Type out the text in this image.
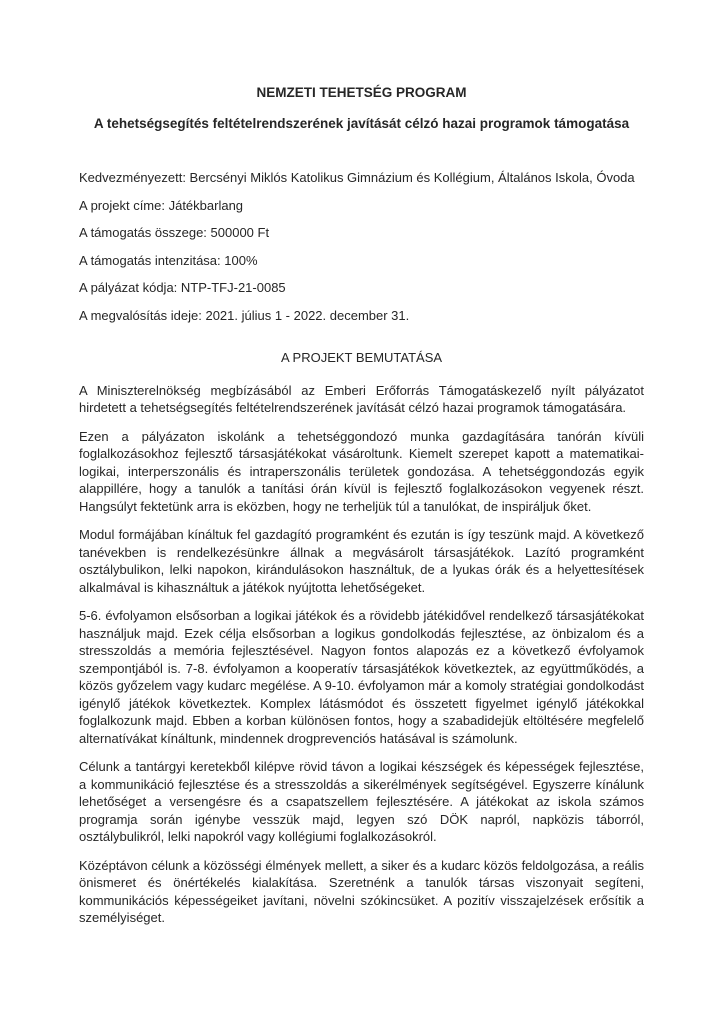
NEMZETI TEHETSÉG PROGRAM
A tehetségsegítés feltételrendszerének javítását célzó hazai programok támogatása

Kedvezményezett: Bercsényi Miklós Katolikus Gimnázium és Kollégium, Általános Iskola, Óvoda

A projekt címe: Játékbarlang

A támogatás összege: 500000 Ft

A támogatás intenzitása: 100%

A pályázat kódja: NTP-TFJ-21-0085

A megvalósítás ideje: 2021. július 1 - 2022. december 31.

A PROJEKT BEMUTATÁSA

A Miniszterelnökség megbízásából az Emberi Erőforrás Támogatáskezelő nyílt pályázatot hirdetett a tehetségsegítés feltételrendszerének javítását célzó hazai programok támogatására.

Ezen a pályázaton iskolánk a tehetséggondozó munka gazdagítására tanórán kívüli foglalkozásokhoz fejlesztő társasjátékokat vásároltunk. Kiemelt szerepet kapott a matematikai-logikai, interperszonális és intraperszonális területek gondozása. A tehetséggondozás egyik alappillére, hogy a tanulók a tanítási órán kívül is fejlesztő foglalkozásokon vegyenek részt. Hangsúlyt fektetünk arra is eközben, hogy ne terheljük túl a tanulókat, de inspiráljuk őket.

Modul formájában kínáltuk fel gazdagító programként és ezután is így teszünk majd. A következő tanévekben is rendelkezésünkre állnak a megvásárolt társasjátékok. Lazító programként osztálybulikon, lelki napokon, kirándulásokon használtuk, de a lyukas órák és a helyettesítések alkalmával is kihasználtuk a játékok nyújtotta lehetőségeket.

5-6. évfolyamon elsősorban a logikai játékok és a rövidebb játékidővel rendelkező társasjátékokat használjuk majd. Ezek célja elsősorban a logikus gondolkodás fejlesztése, az önbizalom és a stresszoldás a memória fejlesztésével. Nagyon fontos alapozás ez a következő évfolyamok szempontjából is. 7-8. évfolyamon a kooperatív társasjátékok következtek, az együttműködés, a közös győzelem vagy kudarc megélése. A 9-10. évfolyamon már a komoly stratégiai gondolkodást igénylő játékok következtek. Komplex látásmódot és összetett figyelmet igénylő játékokkal foglalkozunk majd. Ebben a korban különösen fontos, hogy a szabadidejük eltöltésére megfelelő alternatívákat kínáltunk, mindennek drogprevenciós hatásával is számolunk.

Célunk a tantárgyi keretekből kilépve rövid távon a logikai készségek és képességek fejlesztése, a kommunikáció fejlesztése és a stresszoldás a sikerélmények segítségével. Egyszerre kínálunk lehetőséget a versengésre és a csapatszellem fejlesztésére. A játékokat az iskola számos programja során igénybe vesszük majd, legyen szó DÖK napról, napközis táborról, osztálybulikról, lelki napokról vagy kollégiumi foglalkozásokról.

Középtávon célunk a közösségi élmények mellett, a siker és a kudarc közös feldolgozása, a reális önismeret és önértékelés kialakítása. Szeretnénk a tanulók társas viszonyait segíteni, kommunikációs képességeiket javítani, növelni szókincsüket. A pozitív visszajelzések erősítik a személyiséget.
